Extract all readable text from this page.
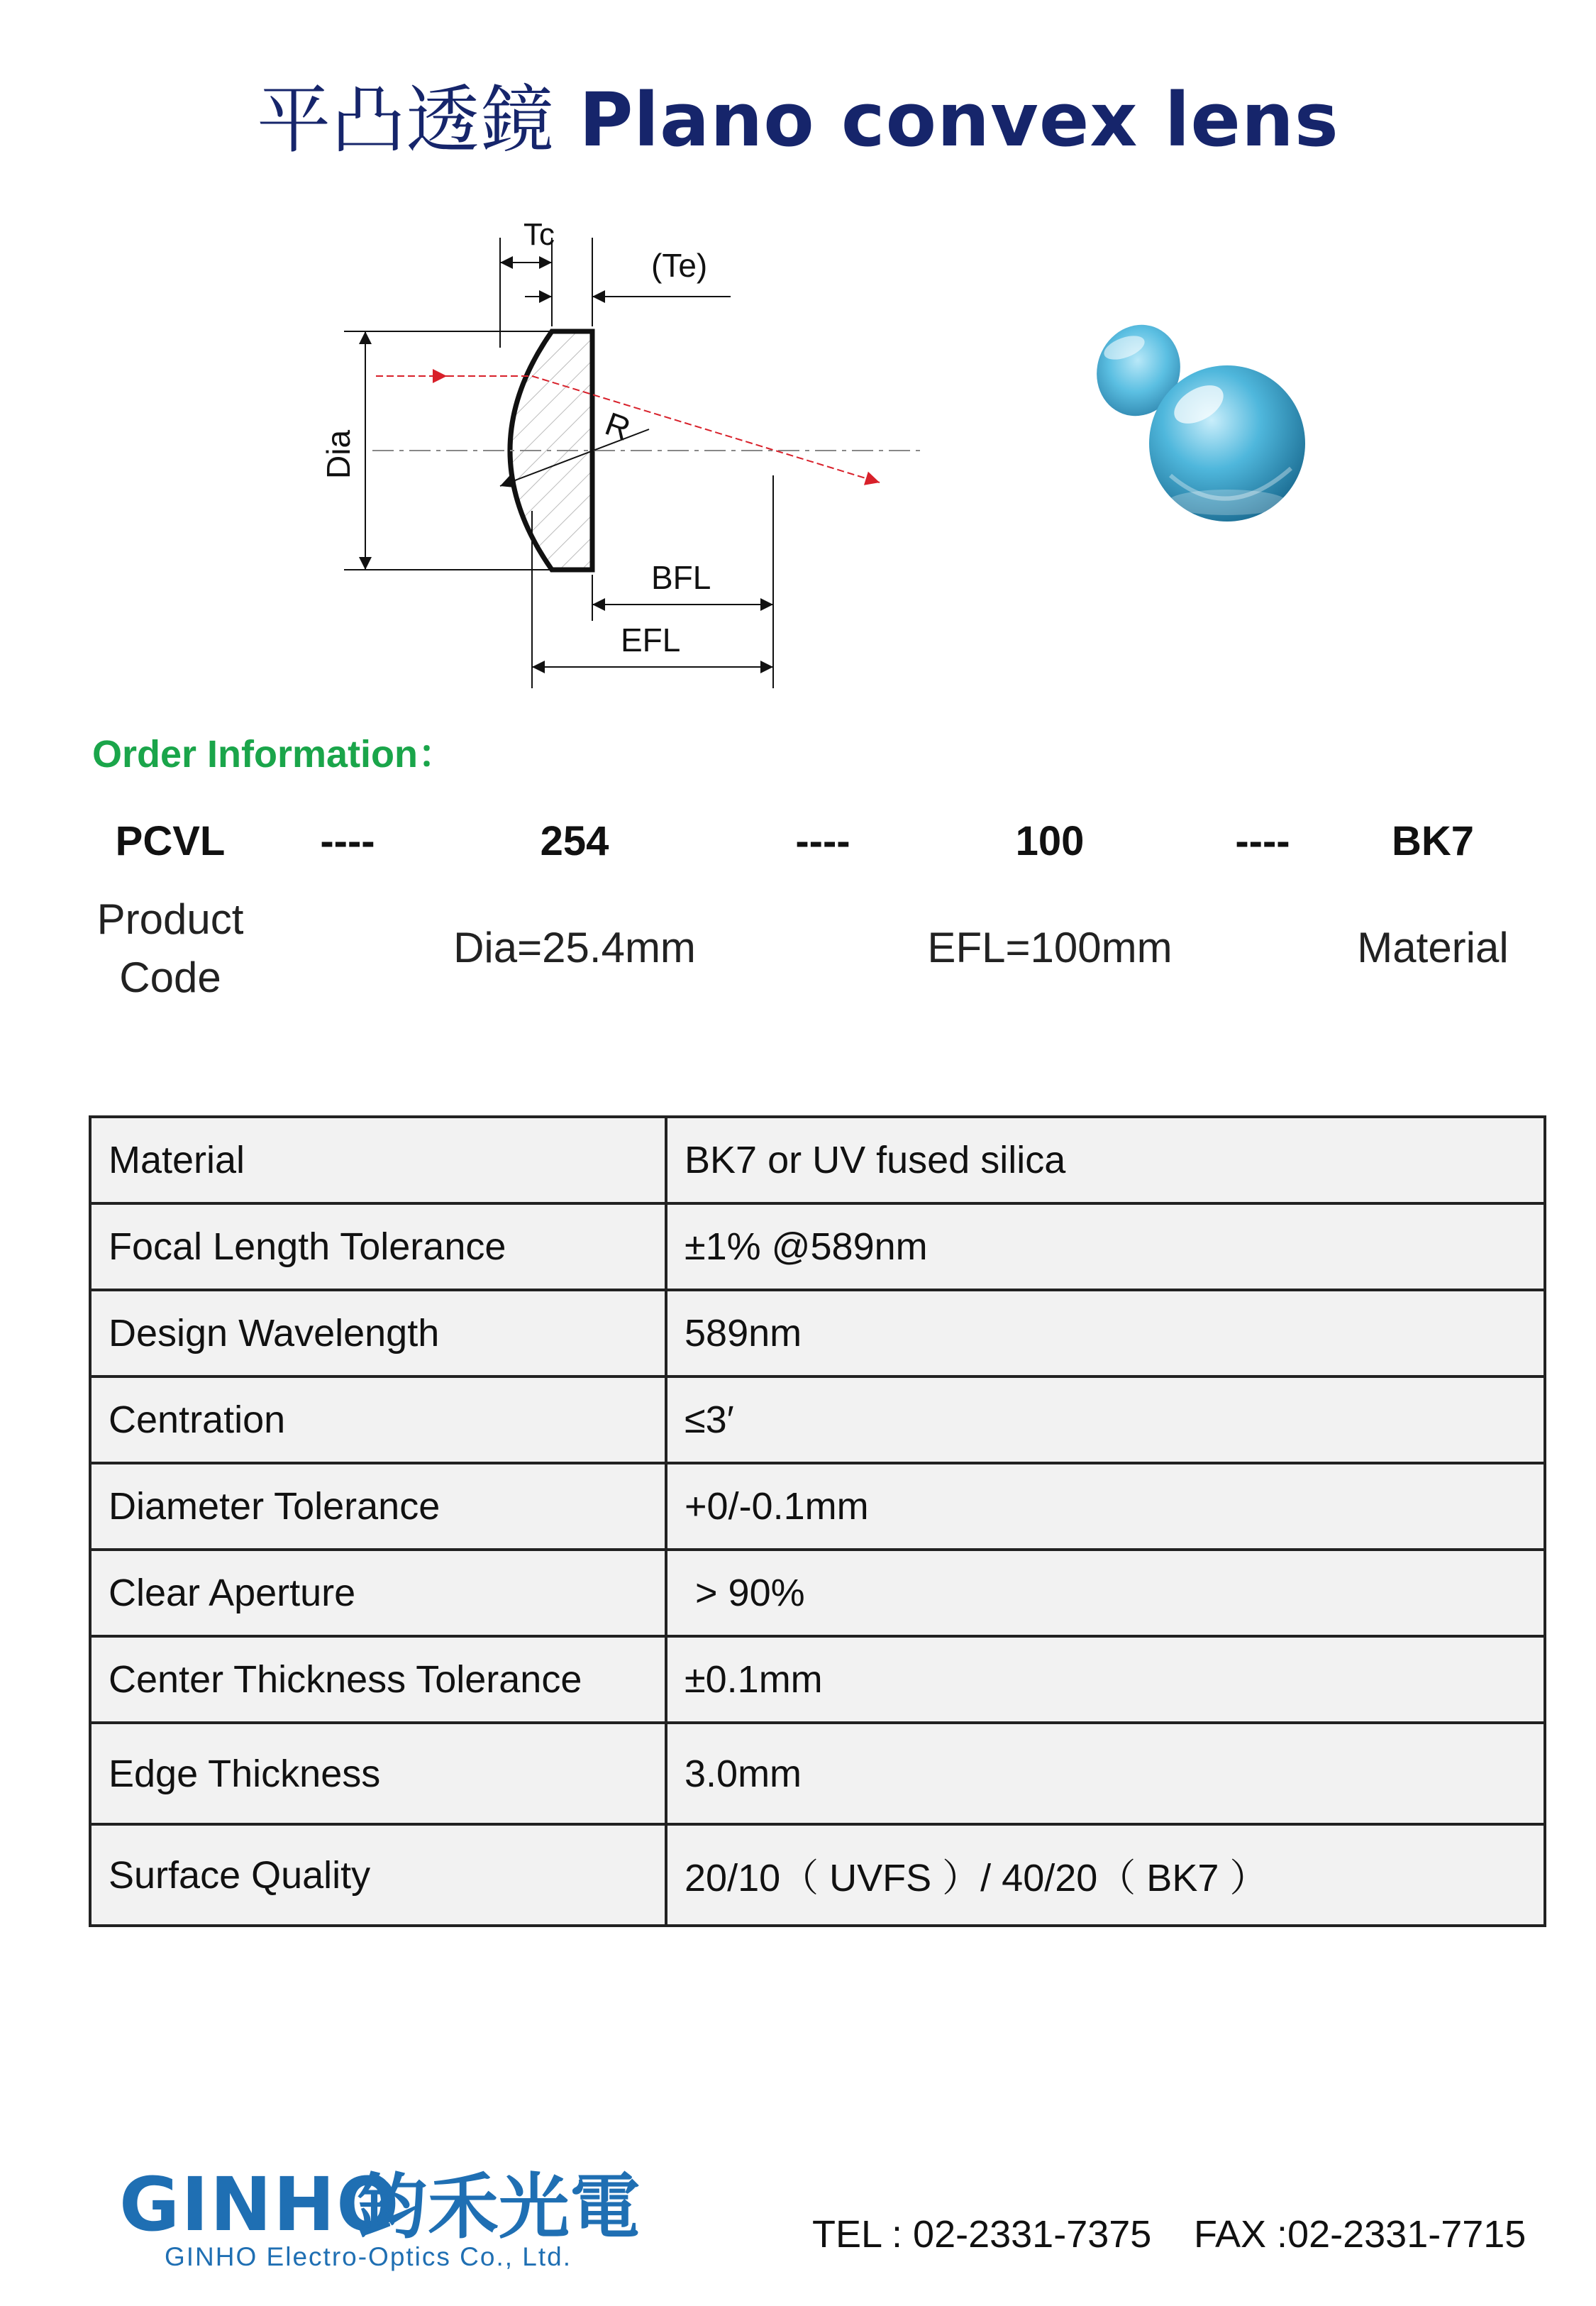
平凸透鏡 Plano convex lens
Tc
(Te)
Dia
R
BFL
EFL
Order Information：
PCVL	----	254	----	100	----	BK7
Product
Code
Dia=25.4mm	EFL=100mm	Material
Material	BK7 or UV fused silica
Focal Length Tolerance	±1% @589nm
Design Wavelength	589nm
Centration	≤3′
Diameter Tolerance	+0/-0.1mm
Clear Aperture	> 90%
Center Thickness Tolerance	±0.1mm
Edge Thickness	3.0mm
Surface Quality	20/10（ UVFS ）/ 40/20（ BK7 ）
GINHO
鈞禾光電
GINHO Electro-Optics Co., Ltd.
TEL : 02-2331-7375 FAX :02-2331-7715
